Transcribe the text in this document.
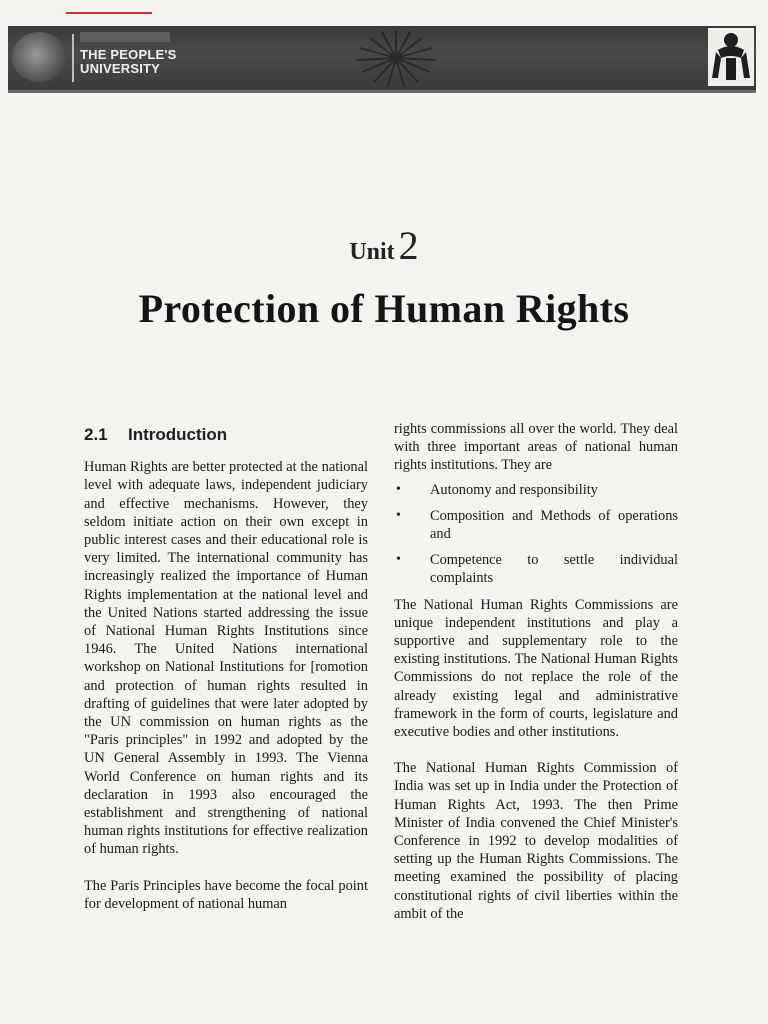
THE PEOPLE'S
UNIVERSITY
Unit 2
Protection of Human Rights
2.1 Introduction

Human Rights are better protected at the national level with adequate laws, independent judiciary and effective mechanisms. However, they seldom initiate action on their own except in public interest cases and their educational role is very limited. The international community has increasingly realized the importance of Human Rights implementation at the national level and the United Nations started addressing the issue of National Human Rights Institutions since 1946. The United Nations international workshop on National Institutions for [romotion and protection of human rights resulted in drafting of guidelines that were later adopted by the UN commission on human rights as the "Paris principles" in 1992 and adopted by the UN General Assembly in 1993. The Vienna World Conference on human rights and its declaration in 1993 also encouraged the establishment and strengthening of national human rights institutions for effective realization of human rights.

The Paris Principles have become the focal point for development of national human

rights commissions all over the world. They deal with three important areas of national human rights institutions. They are

• Autonomy and responsibility
• Composition and Methods of operations and
• Competence to settle individual complaints

The National Human Rights Commissions are unique independent institutions and play a supportive and supplementary role to the existing institutions. The National Human Rights Commissions do not replace the role of the already existing legal and administrative framework in the form of courts, legislature and executive bodies and other institutions.

The National Human Rights Commission of India was set up in India under the Protection of Human Rights Act, 1993. The then Prime Minister of India convened the Chief Minister's Conference in 1992 to develop modalities of setting up the Human Rights Commissions. The meeting examined the possibility of placing constitutional rights of civil liberties within the ambit of the
